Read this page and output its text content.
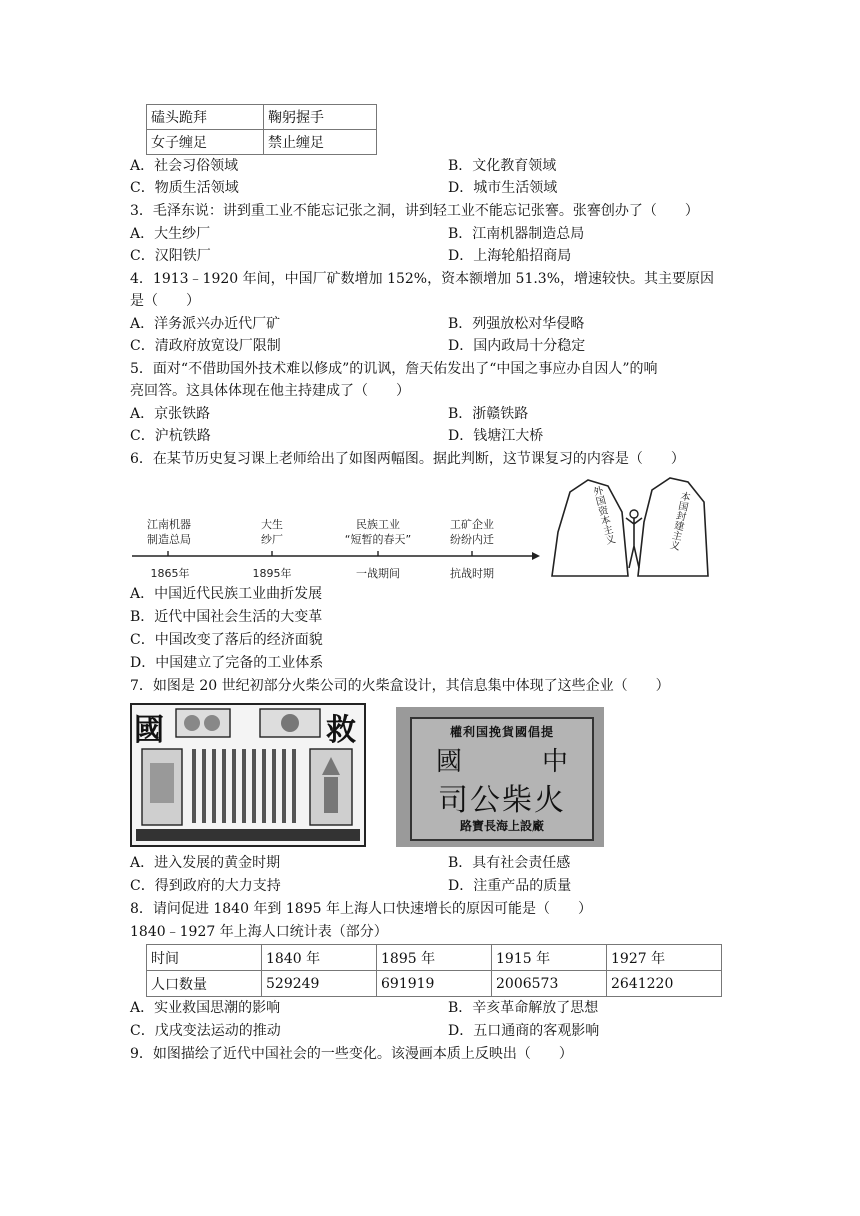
磕头跪拜	鞠躬握手
女子缠足	禁止缠足
A．社会习俗领域	B．文化教育领域
C．物质生活领域	D．城市生活领域
3．毛泽东说：讲到重工业不能忘记张之洞，讲到轻工业不能忘记张謇。张謇创办了（　　）
A．大生纱厂	B．江南机器制造总局
C．汉阳铁厂	D．上海轮船招商局
4．1913﹣1920 年间，中国厂矿数增加 152%，资本额增加 51.3%，增速较快。其主要原因
是（　　）
A．洋务派兴办近代厂矿	B．列强放松对华侵略
C．清政府放宽设厂限制	D．国内政局十分稳定
5．面对“不借助国外技术难以修成”的讥讽，詹天佑发出了“中国之事应办自因人”的响
亮回答。这具体体现在他主持建成了（　　）
A．京张铁路	B．浙赣铁路
C．沪杭铁路	D．钱塘江大桥
6．在某节历史复习课上老师给出了如图两幅图。据此判断，这节课复习的内容是（　　）
江南机器
制造总局
1865年
大生
纱厂
1895年
民族工业
“短暂的春天”
一战期间
工矿企业
纷纷内迁
抗战时期
外国资本主义	本国封建主义
A．中国近代民族工业曲折发展
B．近代中国社会生活的大变革
C．中国改变了落后的经济面貌
D．中国建立了完备的工业体系
7．如图是 20 世纪初部分火柴公司的火柴盒设计，其信息集中体现了这些企业（　　）
國	救	權利国挽貨國倡提
國	中
司公柴火
路寶長海上設廠
A．进入发展的黄金时期	B．具有社会责任感
C．得到政府的大力支持	D．注重产品的质量
8．请问促进 1840 年到 1895 年上海人口快速增长的原因可能是（　　）
1840﹣1927 年上海人口统计表（部分）
时间	1840 年	1895 年	1915 年	1927 年
人口数量	529249	691919	2006573	2641220
A．实业救国思潮的影响	B．辛亥革命解放了思想
C．戊戌变法运动的推动	D．五口通商的客观影响
9．如图描绘了近代中国社会的一些变化。该漫画本质上反映出（　　）
